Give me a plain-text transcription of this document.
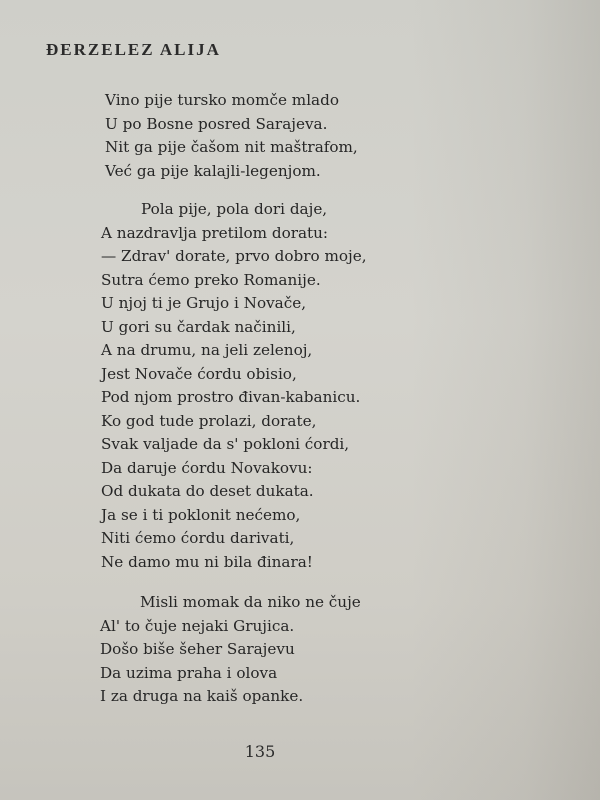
ĐERZELEZ ALIJA
Vino pije tursko momče mlado
U po Bosne posred Sarajeva.
Nit ga pije čašom nit maštrafom,
Već ga pije kalajli-legenjom.
Pola pije, pola dori daje,
A nazdravlja pretilom doratu:
— Zdrav' dorate, prvo dobro moje,
Sutra ćemo preko Romanije.
U njoj ti je Grujo i Novače,
U gori su čardak načinili,
A na drumu, na jeli zelenoj,
Jest Novače ćordu obisio,
Pod njom prostro đivan-kabanicu.
Ko god tude prolazi, dorate,
Svak valjade da s' pokloni ćordi,
Da daruje ćordu Novakovu:
Od dukata do deset dukata.
Ja se i ti poklonit nećemo,
Niti ćemo ćordu darivati,
Ne damo mu ni bila đinara!
Misli momak da niko ne čuje
Al' to čuje nejaki Grujica.
Došo biše šeher Sarajevu
Da uzima praha i olova
I za druga na kaiš opanke.
135
